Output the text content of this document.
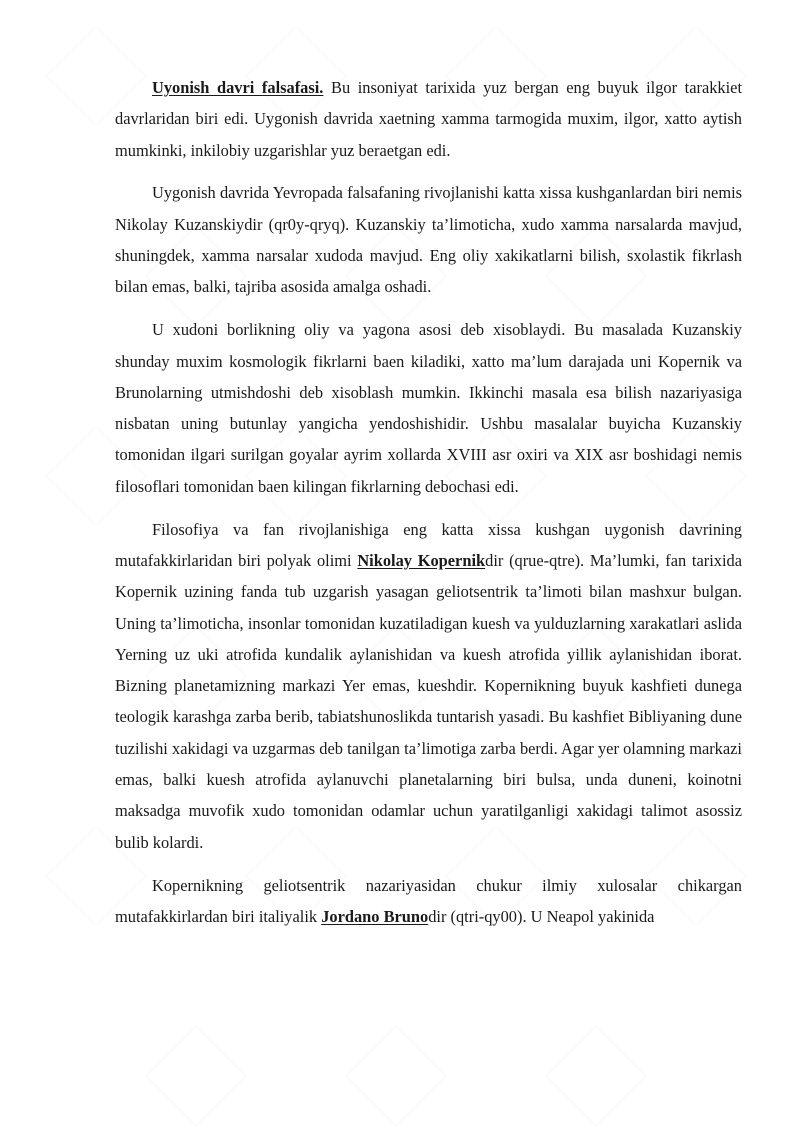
Uyonish davri falsafasi. Bu insoniyat tarixida yuz bergan eng buyuk ilgor tarakkiet davrlaridan biri edi. Uygonish davrida xaetning xamma tarmogida muxim, ilgor, xatto aytish mumkinki, inkilobiy uzgarishlar yuz beraetgan edi.

Uygonish davrida Yevropada falsafaning rivojlanishi katta xissa kushganlardan biri nemis Nikolay Kuzanskiydir (qr0y-qryq). Kuzanskiy ta’limoticha, xudo xamma narsalarda mavjud, shuningdek, xamma narsalar xudoda mavjud. Eng oliy xakikatlarni bilish, sxolastik fikrlash bilan emas, balki, tajriba asosida amalga oshadi.

U xudoni borlikning oliy va yagona asosi deb xisoblaydi. Bu masalada Kuzanskiy shunday muxim kosmologik fikrlarni baen kiladiki, xatto ma’lum darajada uni Kopernik va Brunolarning utmishdoshi deb xisoblash mumkin. Ikkinchi masala esa bilish nazariyasiga nisbatan uning butunlay yangicha yendoshishidir. Ushbu masalalar buyicha Kuzanskiy tomonidan ilgari surilgan goyalar ayrim xollarda XVIII asr oxiri va XIX asr boshidagi nemis filosoflari tomonidan baen kilingan fikrlarning debochasi edi.

Filosofiya va fan rivojlanishiga eng katta xissa kushgan uygonish davrining mutafakkirlaridan biri polyak olimi Nikolay Kopernikdir (qrue-qtre). Ma’lumki, fan tarixida Kopernik uzining fanda tub uzgarish yasagan geliotsentrik ta’limoti bilan mashxur bulgan. Uning ta’limoticha, insonlar tomonidan kuzatiladigan kuesh va yulduzlarning xarakatlari aslida Yerning uz uki atrofida kundalik aylanishidan va kuesh atrofida yillik aylanishidan iborat. Bizning planetamizning markazi Yer emas, kueshdir. Kopernikning buyuk kashfieti dunega teologik karashga zarba berib, tabiatshunoslikda tuntarish yasadi. Bu kashfiet Bibliyaning dune tuzilishi xakidagi va uzgarmas deb tanilgan ta’limotiga zarba berdi. Agar yer olamning markazi emas, balki kuesh atrofida aylanuvchi planetalarning biri bulsa, unda duneni, koinotni maksadga muvofik xudo tomonidan odamlar uchun yaratilganligi xakidagi talimot asossiz bulib kolardi.

Kopernikning geliotsentrik nazariyasidan chukur ilmiy xulosalar chikargan mutafakkirlardan biri italiyalik Jordano Brunodir (qtri-qy00). U Neapol yakinida
